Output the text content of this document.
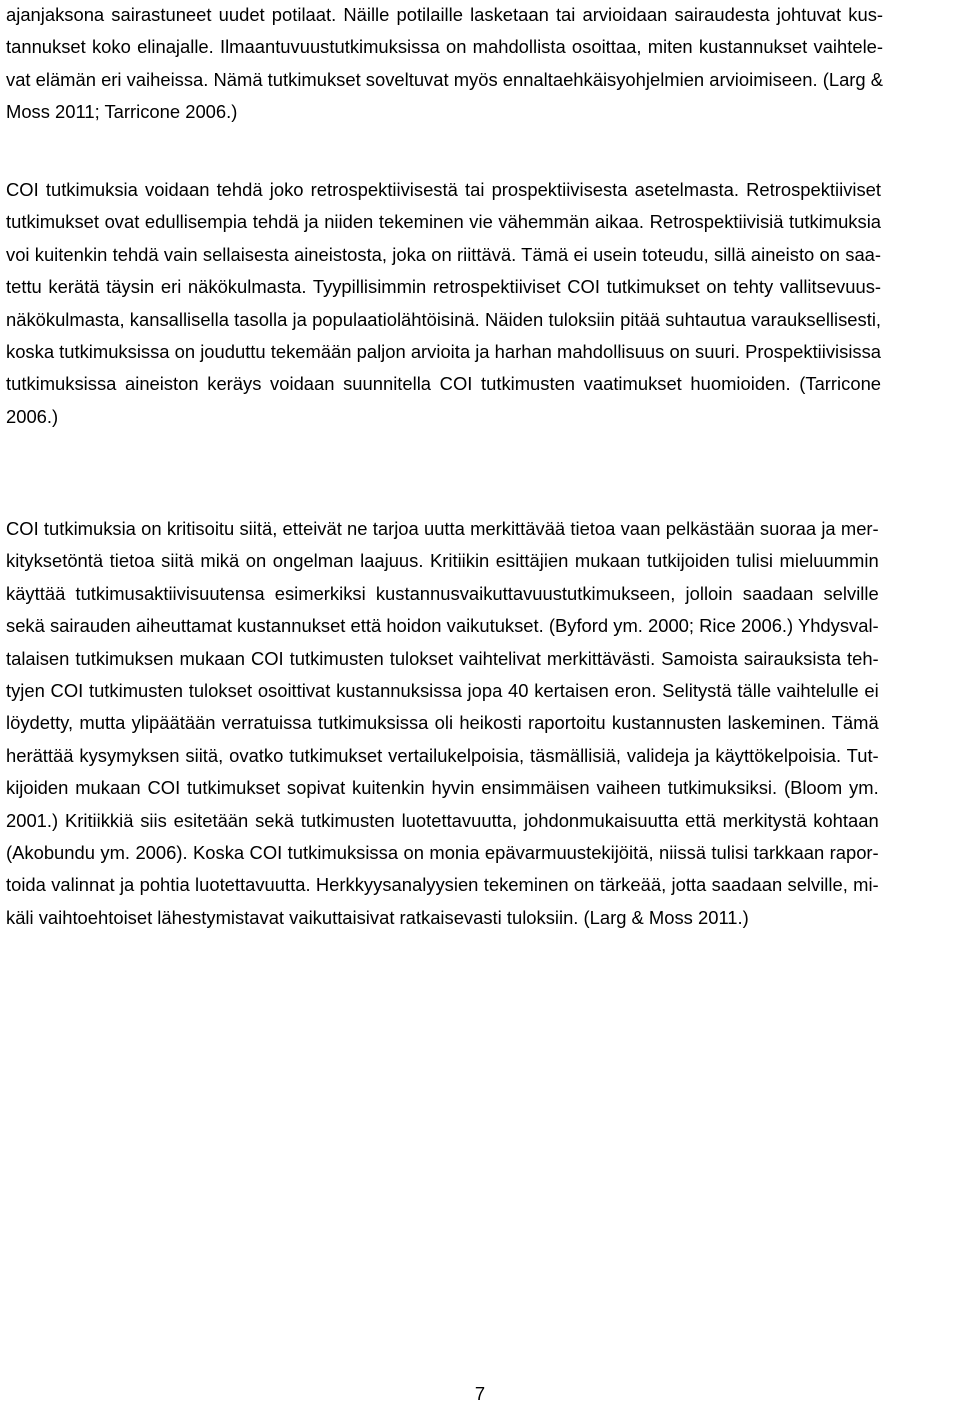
ajanjaksona sairastuneet uudet potilaat. Näille potilaille lasketaan tai arvioidaan sairaudesta johtuvat kus-
tannukset koko elinajalle. Ilmaantuvuustutkimuksissa on mahdollista osoittaa, miten kustannukset vaihtele-
vat elämän eri vaiheissa. Nämä tutkimukset soveltuvat myös ennaltaehkäisyohjelmien arvioimiseen. (Larg &
Moss 2011; Tarricone 2006.)

COI tutkimuksia voidaan tehdä joko retrospektiivisestä tai prospektiivisesta asetelmasta. Retrospektiiviset
tutkimukset ovat edullisempia tehdä ja niiden tekeminen vie vähemmän aikaa. Retrospektiivisiä tutkimuksia
voi kuitenkin tehdä vain sellaisesta aineistosta, joka on riittävä. Tämä ei usein toteudu, sillä aineisto on saa-
tettu kerätä täysin eri näkökulmasta. Tyypillisimmin retrospektiiviset COI tutkimukset on tehty vallitsevuus-
näkökulmasta, kansallisella tasolla ja populaatiolähtöisinä. Näiden tuloksiin pitää suhtautua varauksellisesti,
koska tutkimuksissa on jouduttu tekemään paljon arvioita ja harhan mahdollisuus on suuri. Prospektiivisissa
tutkimuksissa aineiston keräys voidaan suunnitella COI tutkimusten vaatimukset huomioiden. (Tarricone
2006.)

COI tutkimuksia on kritisoitu siitä, etteivät ne tarjoa uutta merkittävää tietoa vaan pelkästään suoraa ja mer-
kityksetöntä tietoa siitä mikä on ongelman laajuus. Kritiikin esittäjien mukaan tutkijoiden tulisi mieluummin
käyttää tutkimusaktiivisuutensa esimerkiksi kustannusvaikuttavuustutkimukseen, jolloin saadaan selville
sekä sairauden aiheuttamat kustannukset että hoidon vaikutukset. (Byford ym. 2000; Rice 2006.) Yhdysval-
talaisen tutkimuksen mukaan COI tutkimusten tulokset vaihtelivat merkittävästi. Samoista sairauksista teh-
tyjen COI tutkimusten tulokset osoittivat kustannuksissa jopa 40 kertaisen eron. Selitystä tälle vaihtelulle ei
löydetty, mutta ylipäätään verratuissa tutkimuksissa oli heikosti raportoitu kustannusten laskeminen. Tämä
herättää kysymyksen siitä, ovatko tutkimukset vertailukelpoisia, täsmällisiä, valideja ja käyttökelpoisia. Tut-
kijoiden mukaan COI tutkimukset sopivat kuitenkin hyvin ensimmäisen vaiheen tutkimuksiksi. (Bloom ym.
2001.) Kritiikkiä siis esitetään sekä tutkimusten luotettavuutta, johdonmukaisuutta että merkitystä kohtaan
(Akobundu ym. 2006). Koska COI tutkimuksissa on monia epävarmuustekijöitä, niissä tulisi tarkkaan rapor-
toida valinnat ja pohtia luotettavuutta. Herkkyysanalyysien tekeminen on tärkeää, jotta saadaan selville, mi-
käli vaihtoehtoiset lähestymistavat vaikuttaisivat ratkaisevasti tuloksiin. (Larg & Moss 2011.)

7
